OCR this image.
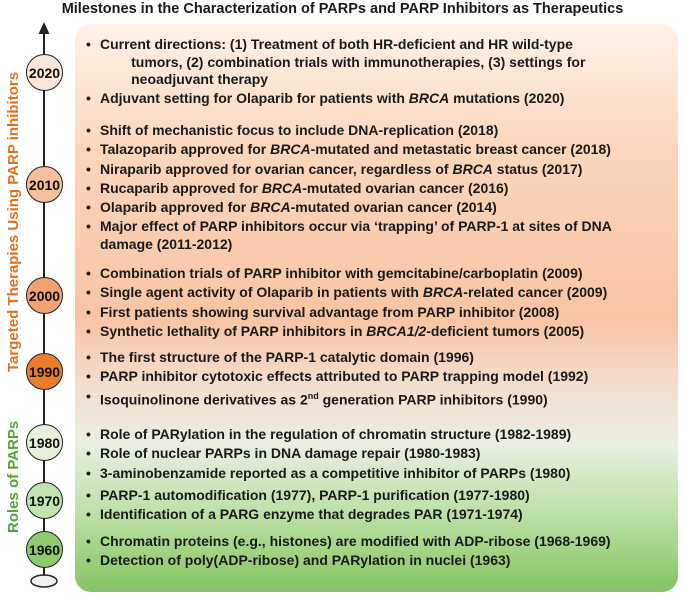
Milestones in the Characterization of PARPs and PARP Inhibitors as Therapeutics
2020
2010
2000
1990
1980
1970
1960
Targeted Therapies Using PARP inhibitors
Roles of PARPs
• Current directions: (1) Treatment of both HR-deficient and HR wild-type
tumors, (2) combination trials with immunotherapies, (3) settings for
neoadjuvant therapy
• Adjuvant setting for Olaparib for patients with BRCA mutations (2020)
• Shift of mechanistic focus to include DNA-replication (2018)
• Talazoparib approved for BRCA-mutated and metastatic breast cancer (2018)
• Niraparib approved for ovarian cancer, regardless of BRCA status (2017)
• Rucaparib approved for BRCA-mutated ovarian cancer (2016)
• Olaparib approved for BRCA-mutated ovarian cancer (2014)
• Major effect of PARP inhibitors occur via ‘trapping’ of PARP-1 at sites of DNA
damage (2011-2012)
• Combination trials of PARP inhibitor with gemcitabine/carboplatin (2009)
• Single agent activity of Olaparib in patients with BRCA-related cancer (2009)
• First patients showing survival advantage from PARP inhibitor (2008)
• Synthetic lethality of PARP inhibitors in BRCA1/2-deficient tumors (2005)
• The first structure of the PARP-1 catalytic domain (1996)
• PARP inhibitor cytotoxic effects attributed to PARP trapping model (1992)
• Isoquinolinone derivatives as 2nd generation PARP inhibitors (1990)
• Role of PARylation in the regulation of chromatin structure (1982-1989)
• Role of nuclear PARPs in DNA damage repair (1980-1983)
• 3-aminobenzamide reported as a competitive inhibitor of PARPs (1980)
• PARP-1 automodification (1977), PARP-1 purification (1977-1980)
• Identification of a PARG enzyme that degrades PAR (1971-1974)
• Chromatin proteins (e.g., histones) are modified with ADP-ribose (1968-1969)
• Detection of poly(ADP-ribose) and PARylation in nuclei (1963)
